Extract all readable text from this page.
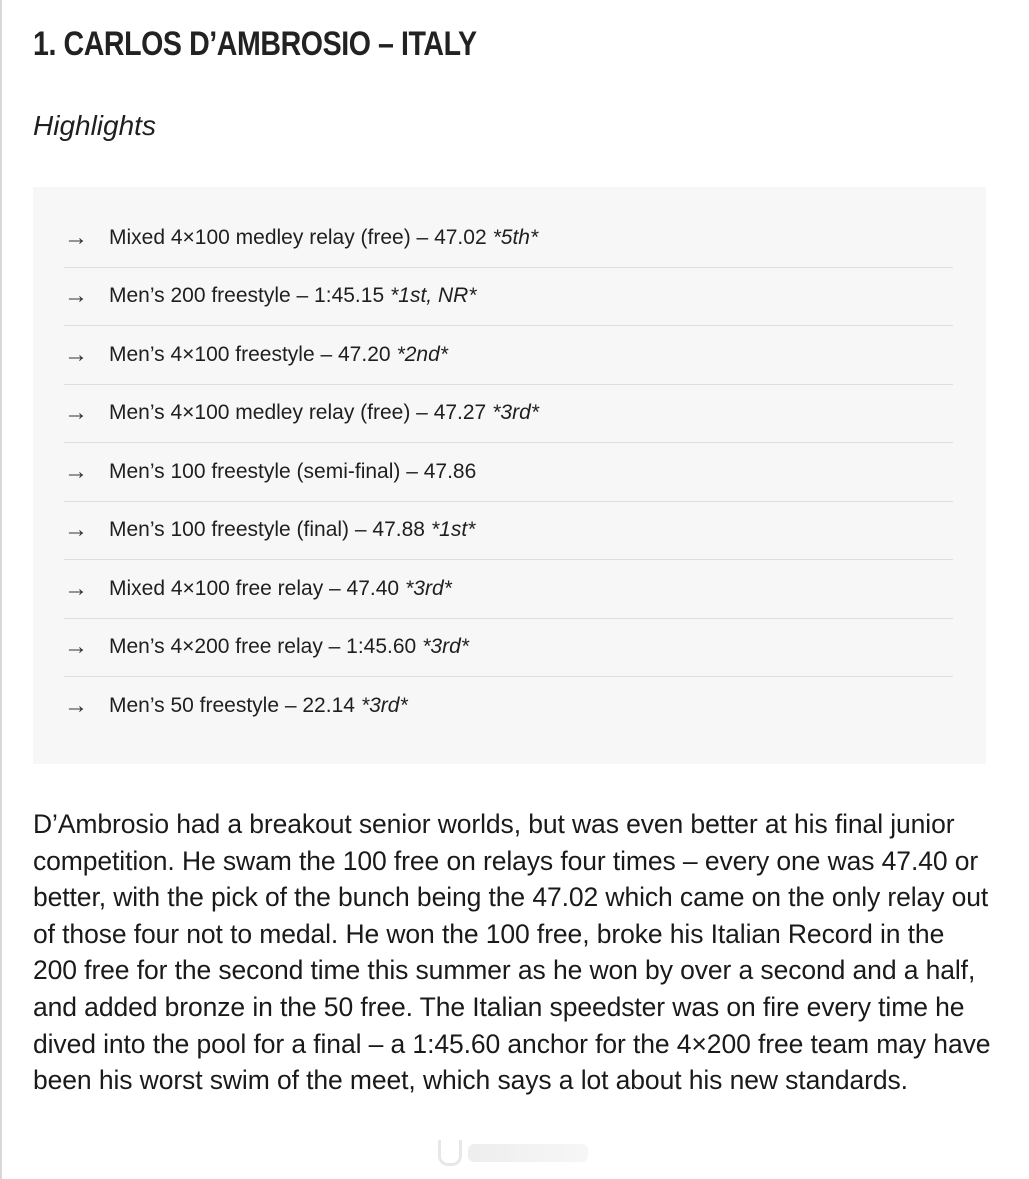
1. CARLOS D’AMBROSIO – ITALY
Highlights
→	Mixed 4×100 medley relay (free) – 47.02 *5th*
→	Men’s 200 freestyle – 1:45.15 *1st, NR*
→	Men’s 4×100 freestyle – 47.20 *2nd*
→	Men’s 4×100 medley relay (free) – 47.27 *3rd*
→	Men’s 100 freestyle (semi-final) – 47.86
→	Men’s 100 freestyle (final) – 47.88 *1st*
→	Mixed 4×100 free relay – 47.40 *3rd*
→	Men’s 4×200 free relay – 1:45.60 *3rd*
→	Men’s 50 freestyle – 22.14 *3rd*

D’Ambrosio had a breakout senior worlds, but was even better at his final junior competition. He swam the 100 free on relays four times – every one was 47.40 or better, with the pick of the bunch being the 47.02 which came on the only relay out of those four not to medal. He won the 100 free, broke his Italian Record in the 200 free for the second time this summer as he won by over a second and a half, and added bronze in the 50 free. The Italian speedster was on fire every time he dived into the pool for a final – a 1:45.60 anchor for the 4×200 free team may have been his worst swim of the meet, which says a lot about his new standards.
